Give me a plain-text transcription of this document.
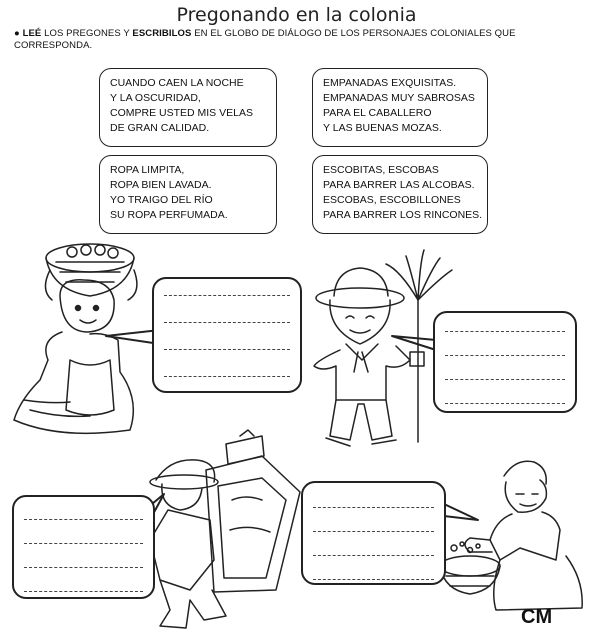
Pregonando en la colonia
● LEÉ LOS PREGONES Y ESCRIBILOS EN EL GLOBO DE DIÁLOGO DE LOS PERSONAJES COLONIALES QUE CORRESPONDA.
CUANDO CAEN LA NOCHE
Y LA OSCURIDAD,
COMPRE USTED MIS VELAS
DE GRAN CALIDAD.
EMPANADAS EXQUISITAS.
EMPANADAS MUY SABROSAS
PARA EL CABALLERO
Y LAS BUENAS MOZAS.
ROPA LIMPITA,
ROPA BIEN LAVADA.
YO TRAIGO DEL RÍO
SU ROPA PERFUMADA.
ESCOBITAS, ESCOBAS
PARA BARRER LAS ALCOBAS.
ESCOBAS, ESCOBILLONES
PARA BARRER LOS RINCONES.
CM
